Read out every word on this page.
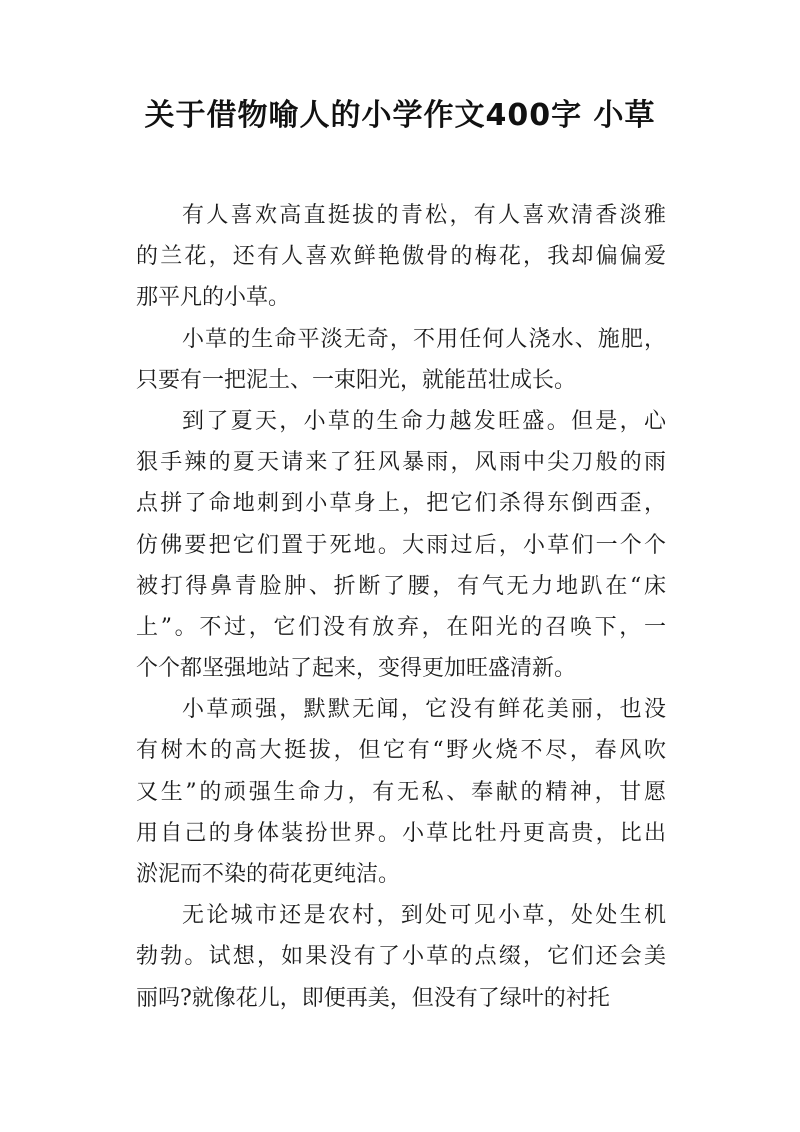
关于借物喻人的小学作文400字 小草
有人喜欢高直挺拔的青松，有人喜欢清香淡雅
的兰花，还有人喜欢鲜艳傲骨的梅花，我却偏偏爱
那平凡的小草。
小草的生命平淡无奇，不用任何人浇水、施肥，
只要有一把泥土、一束阳光，就能茁壮成长。
到了夏天，小草的生命力越发旺盛。但是，心
狠手辣的夏天请来了狂风暴雨，风雨中尖刀般的雨
点拼了命地刺到小草身上，把它们杀得东倒西歪，
仿佛要把它们置于死地。大雨过后，小草们一个个
被打得鼻青脸肿、折断了腰，有气无力地趴在“床
上”。不过，它们没有放弃，在阳光的召唤下，一
个个都坚强地站了起来，变得更加旺盛清新。
小草顽强，默默无闻，它没有鲜花美丽，也没
有树木的高大挺拔，但它有“野火烧不尽，春风吹
又生”的顽强生命力，有无私、奉献的精神，甘愿
用自己的身体装扮世界。小草比牡丹更高贵，比出
淤泥而不染的荷花更纯洁。
无论城市还是农村，到处可见小草，处处生机
勃勃。试想，如果没有了小草的点缀，它们还会美
丽吗?就像花儿，即便再美，但没有了绿叶的衬托
